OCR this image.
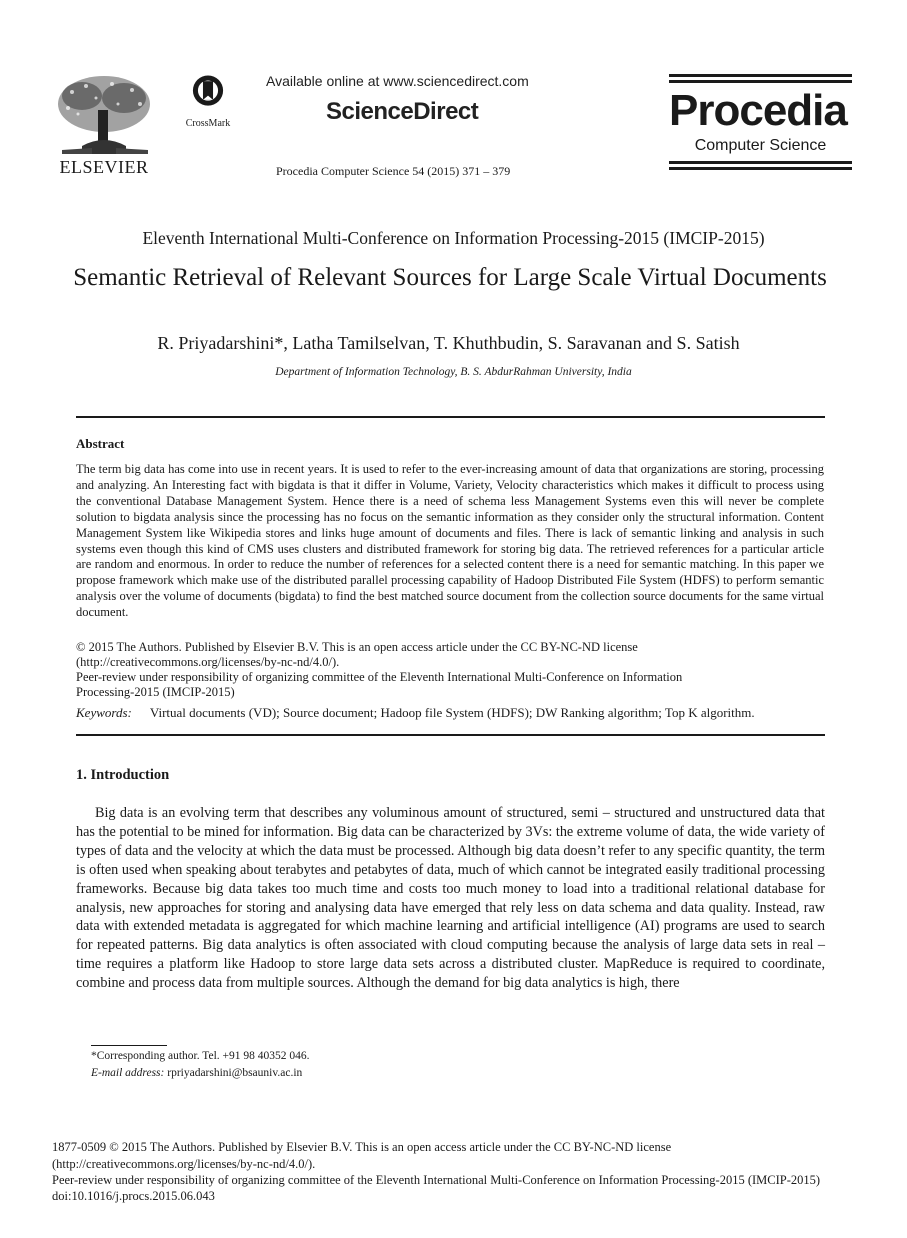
ELSEVIER
CrossMark
Available online at www.sciencedirect.com
ScienceDirect
Procedia Computer Science 54 (2015) 371 – 379
Procedia
Computer Science
Eleventh International Multi-Conference on Information Processing-2015 (IMCIP-2015)
Semantic Retrieval of Relevant Sources for Large Scale Virtual Documents
R. Priyadarshini*, Latha Tamilselvan, T. Khuthbudin, S. Saravanan and S. Satish
Department of Information Technology, B. S. AbdurRahman University, India
Abstract
The term big data has come into use in recent years. It is used to refer to the ever-increasing amount of data that organizations are storing, processing and analyzing. An Interesting fact with bigdata is that it differ in Volume, Variety, Velocity characteristics which makes it difficult to process using the conventional Database Management System. Hence there is a need of schema less Management Systems even this will never be complete solution to bigdata analysis since the processing has no focus on the semantic information as they consider only the structural information. Content Management System like Wikipedia stores and links huge amount of documents and files. There is lack of semantic linking and analysis in such systems even though this kind of CMS uses clusters and distributed framework for storing big data. The retrieved references for a particular article are random and enormous. In order to reduce the number of references for a selected content there is a need for semantic matching. In this paper we propose framework which make use of the distributed parallel processing capability of Hadoop Distributed File System (HDFS) to perform semantic analysis over the volume of documents (bigdata) to find the best matched source document from the collection source documents for the same virtual document.
© 2015 The Authors. Published by Elsevier B.V. This is an open access article under the CC BY-NC-ND license
(http://creativecommons.org/licenses/by-nc-nd/4.0/).
Peer-review under responsibility of organizing committee of the Eleventh International Multi-Conference on Information
Processing-2015 (IMCIP-2015)
Keywords: Virtual documents (VD); Source document; Hadoop file System (HDFS); DW Ranking algorithm; Top K algorithm.
1. Introduction
Big data is an evolving term that describes any voluminous amount of structured, semi – structured and unstructured data that has the potential to be mined for information. Big data can be characterized by 3Vs: the extreme volume of data, the wide variety of types of data and the velocity at which the data must be processed. Although big data doesn’t refer to any specific quantity, the term is often used when speaking about terabytes and petabytes of data, much of which cannot be integrated easily traditional processing frameworks. Because big data takes too much time and costs too much money to load into a traditional relational database for analysis, new approaches for storing and analysing data have emerged that rely less on data schema and data quality. Instead, raw data with extended metadata is aggregated for which machine learning and artificial intelligence (AI) programs are used to search for repeated patterns. Big data analytics is often associated with cloud computing because the analysis of large data sets in real – time requires a platform like Hadoop to store large data sets across a distributed cluster. MapReduce is required to coordinate, combine and process data from multiple sources. Although the demand for big data analytics is high, there
*Corresponding author. Tel. +91 98 40352 046.
E-mail address: rpriyadarshini@bsauniv.ac.in
1877-0509 © 2015 The Authors. Published by Elsevier B.V. This is an open access article under the CC BY-NC-ND license
(http://creativecommons.org/licenses/by-nc-nd/4.0/).
Peer-review under responsibility of organizing committee of the Eleventh International Multi-Conference on Information Processing-2015 (IMCIP-2015)
doi:10.1016/j.procs.2015.06.043
